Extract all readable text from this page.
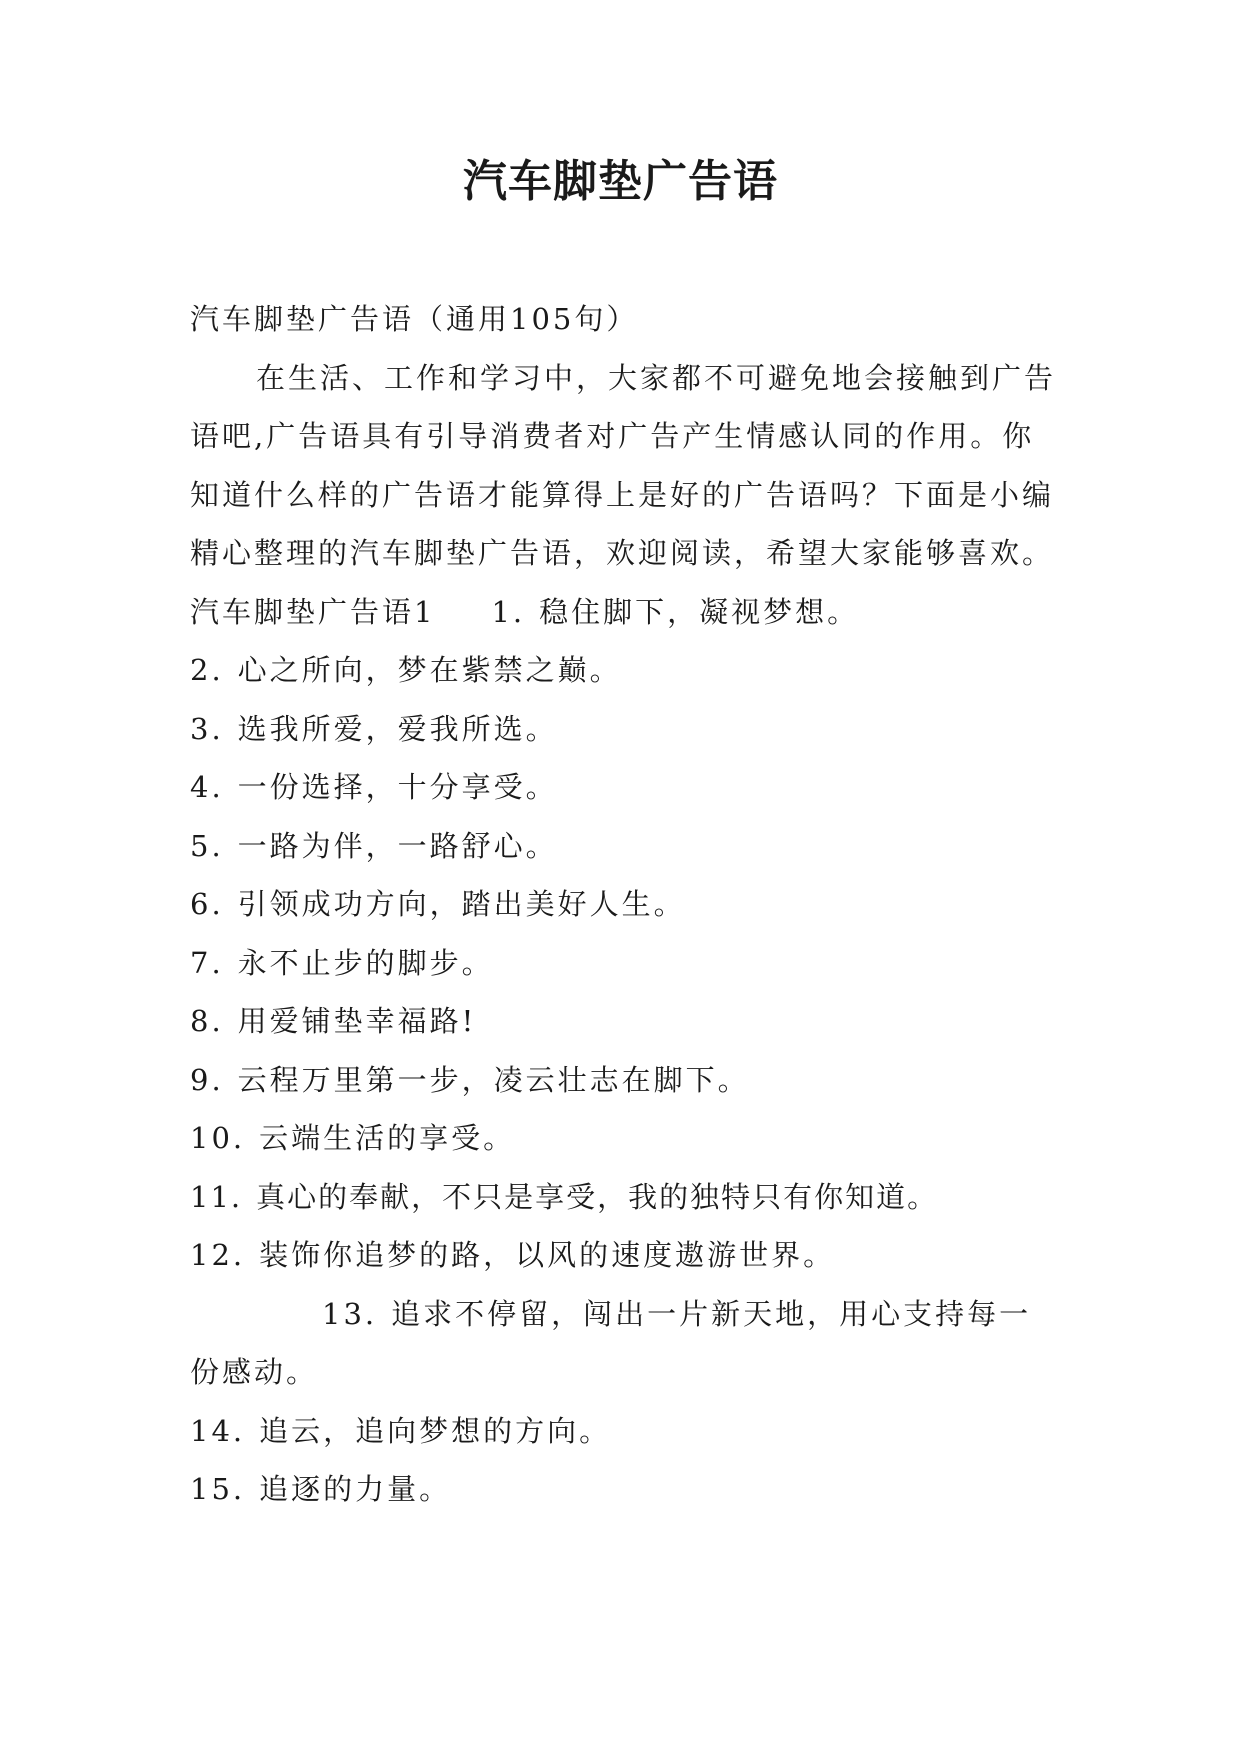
汽车脚垫广告语

汽车脚垫广告语（通用105句）

在生活、工作和学习中，大家都不可避免地会接触到广告语吧,广告语具有引导消费者对广告产生情感认同的作用。你知道什么样的广告语才能算得上是好的广告语吗？下面是小编精心整理的汽车脚垫广告语，欢迎阅读，希望大家能够喜欢。

汽车脚垫广告语1 1. 稳住脚下，凝视梦想。

2. 心之所向，梦在紫禁之巅。

3. 选我所爱，爱我所选。

4. 一份选择，十分享受。

5. 一路为伴，一路舒心。

6. 引领成功方向，踏出美好人生。

7. 永不止步的脚步。

8. 用爱铺垫幸福路!

9. 云程万里第一步，凌云壮志在脚下。

10. 云端生活的享受。

11. 真心的奉献，不只是享受，我的独特只有你知道。

12. 装饰你追梦的路，以风的速度遨游世界。

13. 追求不停留，闯出一片新天地，用心支持每一份感动。

14. 追云，追向梦想的方向。

15. 追逐的力量。
